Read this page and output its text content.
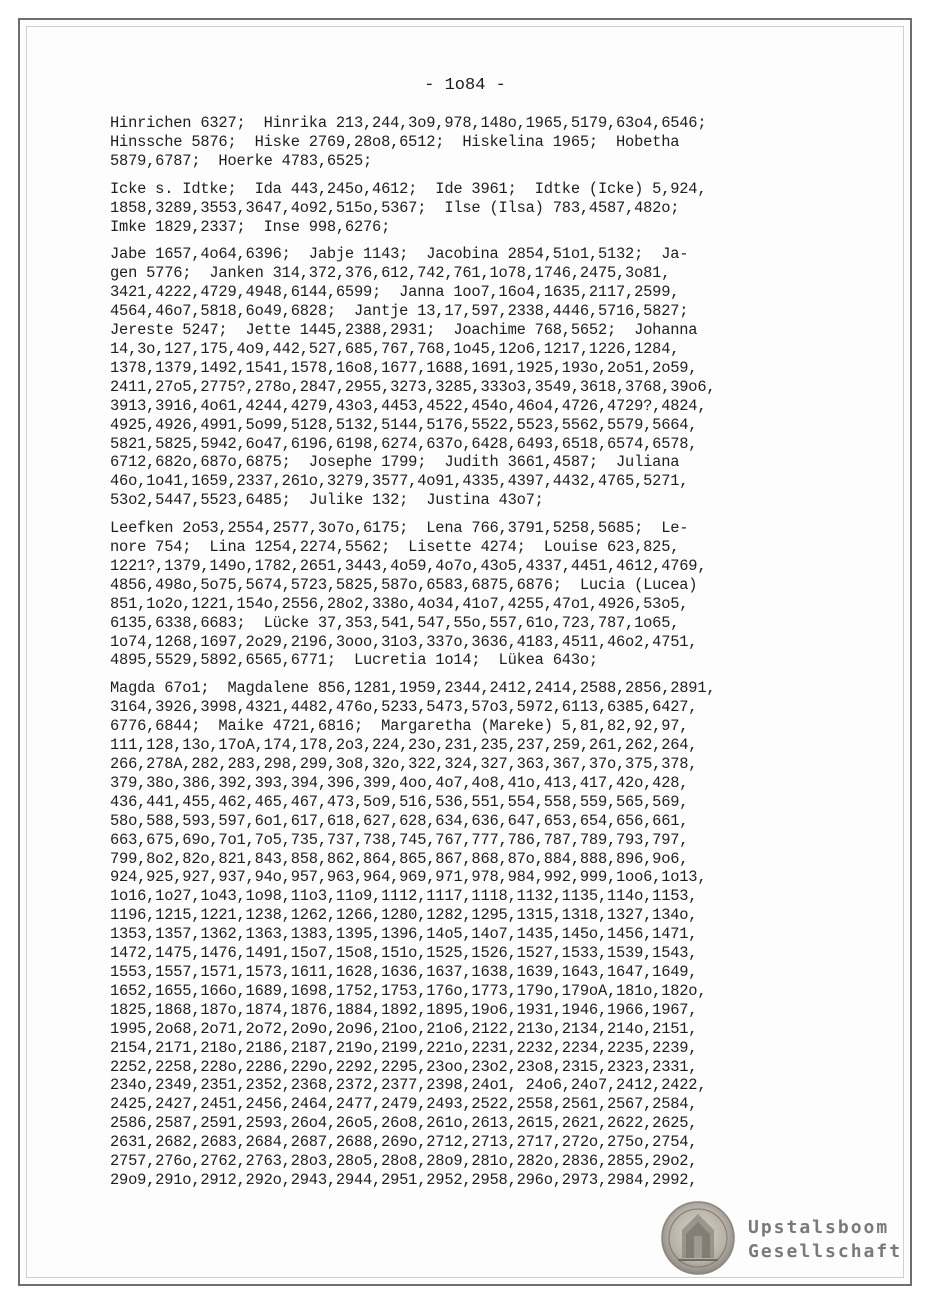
- 1o84 -
Hinrichen 6327;  Hinrika 213,244,3o9,978,148o,1965,5179,63o4,6546;
Hinssche 5876;  Hiske 2769,28o8,6512;  Hiskelina 1965;  Hobetha
5879,6787;  Hoerke 4783,6525;
Icke s. Idtke;  Ida 443,245o,4612;  Ide 3961;  Idtke (Icke) 5,924,
1858,3289,3553,3647,4o92,515o,5367;  Ilse (Ilsa) 783,4587,482o;
Imke 1829,2337;  Inse 998,6276;
Jabe 1657,4o64,6396;  Jabje 1143;  Jacobina 2854,51o1,5132;  Ja-
gen 5776;  Janken 314,372,376,612,742,761,1o78,1746,2475,3o81,
3421,4222,4729,4948,6144,6599;  Janna 1oo7,16o4,1635,2117,2599,
4564,46o7,5818,6o49,6828;  Jantje 13,17,597,2338,4446,5716,5827;
Jereste 5247;  Jette 1445,2388,2931;  Joachime 768,5652;  Johanna
14,3o,127,175,4o9,442,527,685,767,768,1o45,12o6,1217,1226,1284,
1378,1379,1492,1541,1578,16o8,1677,1688,1691,1925,193o,2o51,2o59,
2411,27o5,2775?,278o,2847,2955,3273,3285,333o3,3549,3618,3768,39o6,
3913,3916,4o61,4244,4279,43o3,4453,4522,454o,46o4,4726,4729?,4824,
4925,4926,4991,5o99,5128,5132,5144,5176,5522,5523,5562,5579,5664,
5821,5825,5942,6o47,6196,6198,6274,637o,6428,6493,6518,6574,6578,
6712,682o,687o,6875;  Josephe 1799;  Judith 3661,4587;  Juliana
46o,1o41,1659,2337,261o,3279,3577,4o91,4335,4397,4432,4765,5271,
53o2,5447,5523,6485;  Julike 132;  Justina 43o7;
Leefken 2o53,2554,2577,3o7o,6175;  Lena 766,3791,5258,5685;  Le-
nore 754;  Lina 1254,2274,5562;  Lisette 4274;  Louise 623,825,
1221?,1379,149o,1782,2651,3443,4o59,4o7o,43o5,4337,4451,4612,4769,
4856,498o,5o75,5674,5723,5825,587o,6583,6875,6876;  Lucia (Lucea)
851,1o2o,1221,154o,2556,28o2,338o,4o34,41o7,4255,47o1,4926,53o5,
6135,6338,6683;  Lücke 37,353,541,547,55o,557,61o,723,787,1o65,
1o74,1268,1697,2o29,2196,3ooo,31o3,337o,3636,4183,4511,46o2,4751,
4895,5529,5892,6565,6771;  Lucretia 1o14;  Lükea 643o;
Magda 67o1;  Magdalene 856,1281,1959,2344,2412,2414,2588,2856,2891,
3164,3926,3998,4321,4482,476o,5233,5473,57o3,5972,6113,6385,6427,
6776,6844;  Maike 4721,6816;  Margaretha (Mareke) 5,81,82,92,97,
111,128,13o,17oA,174,178,2o3,224,23o,231,235,237,259,261,262,264,
266,278A,282,283,298,299,3o8,32o,322,324,327,363,367,37o,375,378,
379,38o,386,392,393,394,396,399,4oo,4o7,4o8,41o,413,417,42o,428,
436,441,455,462,465,467,473,5o9,516,536,551,554,558,559,565,569,
58o,588,593,597,6o1,617,618,627,628,634,636,647,653,654,656,661,
663,675,69o,7o1,7o5,735,737,738,745,767,777,786,787,789,793,797,
799,8o2,82o,821,843,858,862,864,865,867,868,87o,884,888,896,9o6,
924,925,927,937,94o,957,963,964,969,971,978,984,992,999,1oo6,1o13,
1o16,1o27,1o43,1o98,11o3,11o9,1112,1117,1118,1132,1135,114o,1153,
1196,1215,1221,1238,1262,1266,1280,1282,1295,1315,1318,1327,134o,
1353,1357,1362,1363,1383,1395,1396,14o5,14o7,1435,145o,1456,1471,
1472,1475,1476,1491,15o7,15o8,151o,1525,1526,1527,1533,1539,1543,
1553,1557,1571,1573,1611,1628,1636,1637,1638,1639,1643,1647,1649,
1652,1655,166o,1689,1698,1752,1753,176o,1773,179o,179oA,181o,182o,
1825,1868,187o,1874,1876,1884,1892,1895,19o6,1931,1946,1966,1967,
1995,2o68,2o71,2o72,2o9o,2o96,21oo,21o6,2122,213o,2134,214o,2151,
2154,2171,218o,2186,2187,219o,2199,221o,2231,2232,2234,2235,2239,
2252,2258,228o,2286,229o,2292,2295,23oo,23o2,23o8,2315,2323,2331,
234o,2349,2351,2352,2368,2372,2377,2398,24o1, 24o6,24o7,2412,2422,
2425,2427,2451,2456,2464,2477,2479,2493,2522,2558,2561,2567,2584,
2586,2587,2591,2593,26o4,26o5,26o8,261o,2613,2615,2621,2622,2625,
2631,2682,2683,2684,2687,2688,269o,2712,2713,2717,272o,275o,2754,
2757,276o,2762,2763,28o3,28o5,28o8,28o9,281o,282o,2836,2855,29o2,
29o9,291o,2912,292o,2943,2944,2951,2952,2958,296o,2973,2984,2992,
Upstalsboom
Gesellschaft
